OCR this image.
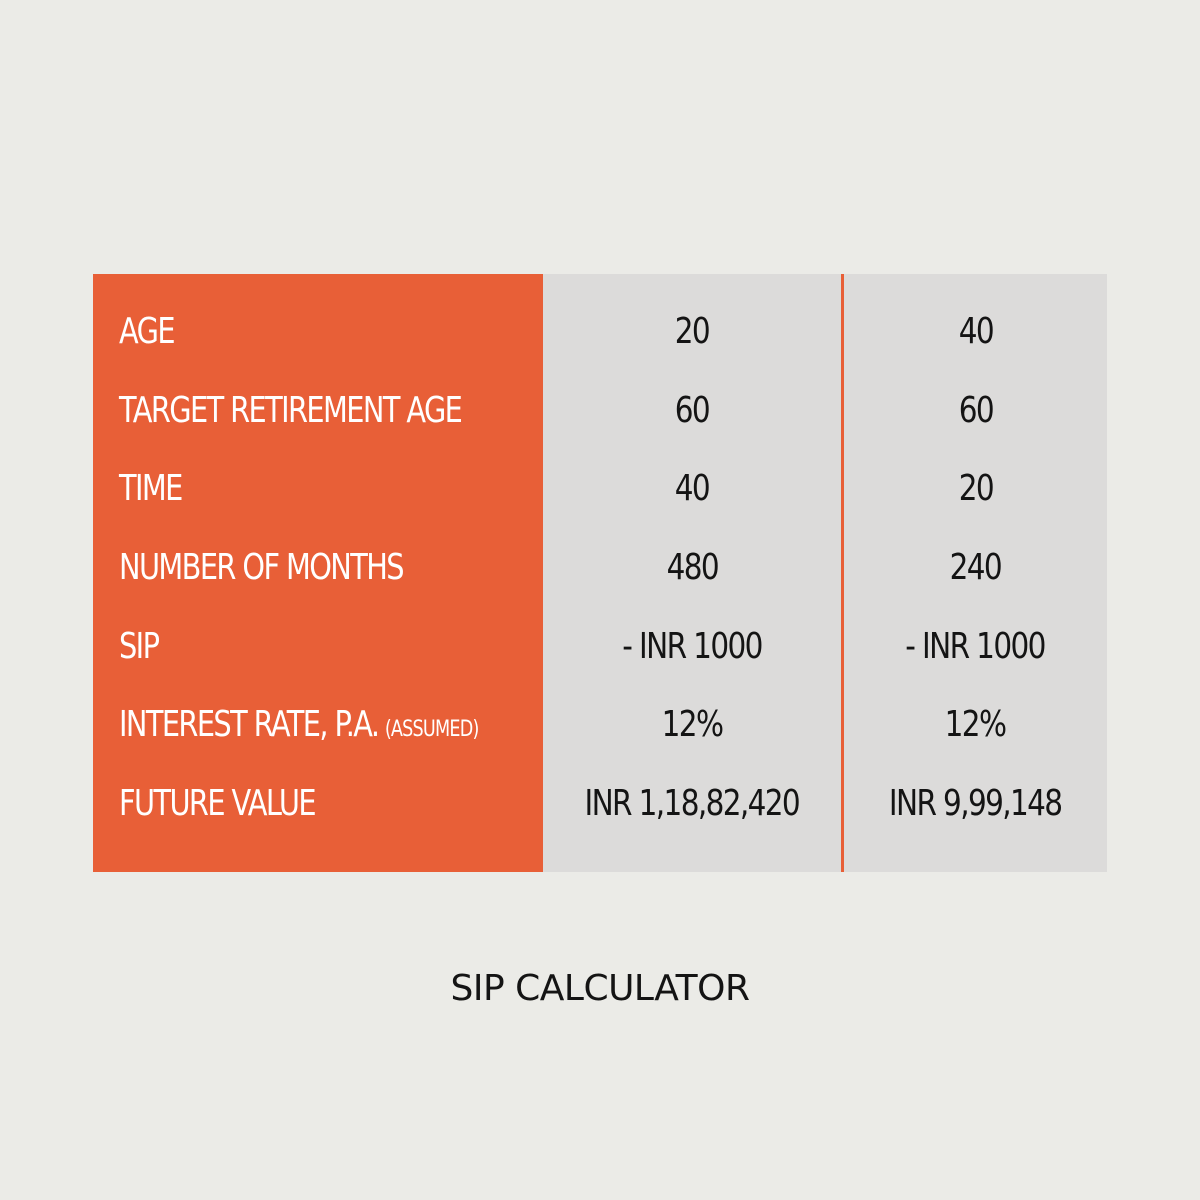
AGE
TARGET RETIREMENT AGE
TIME
NUMBER OF MONTHS
SIP
INTEREST RATE, P.A. (ASSUMED)
FUTURE VALUE
20
60
40
480
- INR 1000
12%
INR 1,18,82,420
40
60
20
240
- INR 1000
12%
INR 9,99,148
SIP CALCULATOR
